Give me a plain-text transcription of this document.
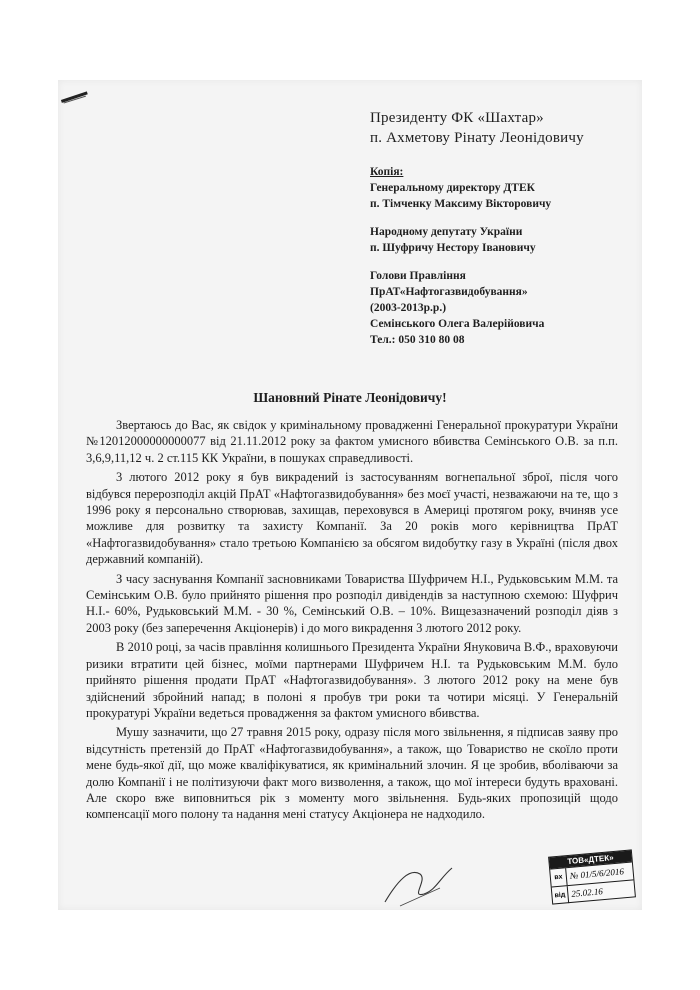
Президенту ФК «Шахтар»
п. Ахметову Рінату Леонідовичу
Копія:
Генеральному директору ДТЕК
п. Тімченку Максиму Вікторовичу
Народному депутату України
п. Шуфричу Нестору Івановичу
Голови Правління
ПрАТ«Нафтогазвидобування»
(2003-2013р.р.)
Семінського Олега Валерійовича
Тел.: 050 310 80 08
Шановний Рінате Леонідовичу!

Звертаюсь до Вас, як свідок у кримінальному провадженні Генеральної прокуратури України №12012000000000077 від 21.11.2012 року за фактом умисного вбивства Семінського О.В. за п.п. 3,6,9,11,12 ч. 2 ст.115 КК України, в пошуках справедливості.

3 лютого 2012 року я був викрадений із застосуванням вогнепальної зброї, після чого відбувся перерозподіл акцій ПрАТ «Нафтогазвидобування» без моєї участі, незважаючи на те, що з 1996 року я персонально створював, захищав, переховувся в Америці протягом року, вчиняв усе можливе для розвитку та захисту Компанії. За 20 років мого керівництва ПрАТ «Нафтогазвидобування» стало третьою Компанією за обсягом видобутку газу в Україні (після двох державний компаній).

З часу заснування Компанії засновниками Товариства Шуфричем Н.І., Рудьковським М.М. та Семінським О.В. було прийнято рішення про розподіл дивідендів за наступною схемою: Шуфрич Н.І.- 60%, Рудьковський М.М. - 30 %, Семінський О.В. – 10%. Вищезазначений розподіл діяв з 2003 року (без заперечення Акціонерів) і до мого викрадення 3 лютого 2012 року.

В 2010 році, за часів правління колишнього Президента України Януковича В.Ф., враховуючи ризики втратити цей бізнес, моїми партнерами Шуфричем Н.І. та Рудьковським М.М. було прийнято рішення продати ПрАТ «Нафтогазвидобування». 3 лютого 2012 року на мене був здійснений збройний напад; в полоні я пробув три роки та чотири місяці. У Генеральній прокуратурі України ведеться провадження за фактом умисного вбивства.

Мушу зазначити, що 27 травня 2015 року, одразу після мого звільнення, я підписав заяву про відсутність претензій до ПрАТ «Нафтогазвидобування», а також, що Товариство не скоїло проти мене будь-якої дії, що може кваліфікуватися, як кримінальний злочин. Я це зробив, вболіваючи за долю Компанії і не політизуючи факт мого визволення, а також, що мої інтереси будуть враховані. Але скоро вже виповниться рік з моменту мого звільнення. Будь-яких пропозицій щодо компенсації мого полону та надання мені статусу Акціонера не надходило.

ТОВ«ДТЕК»
вх № 01/5/6/2016
від 25.02.16
